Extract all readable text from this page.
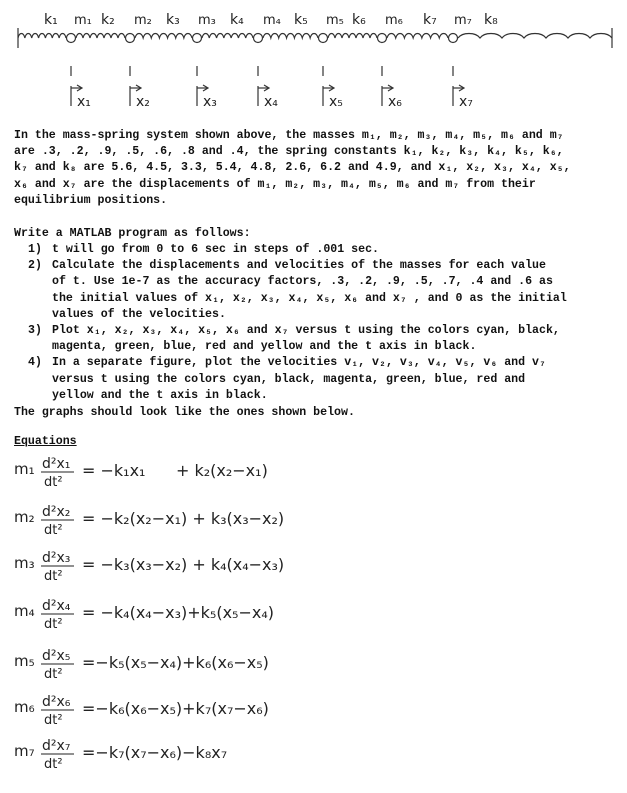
k₁	k₂	k₃	k₄	k₅	k₆	k₇	k₈
m₁	m₂	m₃	m₄	m₅	m₆	m₇
x₁	x₂	x₃	x₄	x₅	x₆	x₇

In the mass-spring system shown above, the masses m₁, m₂, m₃, m₄, m₅, m₆ and m₇
are .3, .2, .9, .5, .6, .8 and .4, the spring constants k₁, k₂, k₃, k₄, k₅, k₆,
k₇ and k₈ are 5.6, 4.5, 3.3, 5.4, 4.8, 2.6, 6.2 and 4.9, and x₁, x₂, x₃, x₄, x₅,
x₆ and x₇ are the displacements of m₁, m₂, m₃, m₄, m₅, m₆ and m₇ from their
equilibrium positions.

Write a MATLAB program as follows:

1) t will go from 0 to 6 sec in steps of .001 sec.
2) Calculate the displacements and velocities of the masses for each value
of t. Use 1e-7 as the accuracy factors, .3, .2, .9, .5, .7, .4 and .6 as
the initial values of x₁, x₂, x₃, x₄, x₅, x₆ and x₇ , and 0 as the initial
values of the velocities.
3) Plot x₁, x₂, x₃, x₄, x₅, x₆ and x₇ versus t using the colors cyan, black,
magenta, green, blue, red and yellow and the t axis in black.
4) In a separate figure, plot the velocities v₁, v₂, v₃, v₄, v₅, v₆ and v₇
versus t using the colors cyan, black, magenta, green, blue, red and
yellow and the t axis in black.

The graphs should look like the ones shown below.

Equations

m₁ d²x₁
dt²
= −k₁x₁      + k₂(x₂−x₁)
m₂ d²x₂
dt²
= −k₂(x₂−x₁) + k₃(x₃−x₂)
m₃ d²x₃
dt²
= −k₃(x₃−x₂) + k₄(x₄−x₃)
m₄ d²x₄
dt²
= −k₄(x₄−x₃)+k₅(x₅−x₄)
m₅ d²x₅
dt²
=−k₅(x₅−x₄)+k₆(x₆−x₅)
m₆ d²x₆
dt²
=−k₆(x₆−x₅)+k₇(x₇−x₆)
m₇ d²x₇
dt²
=−k₇(x₇−x₆)−k₈x₇
